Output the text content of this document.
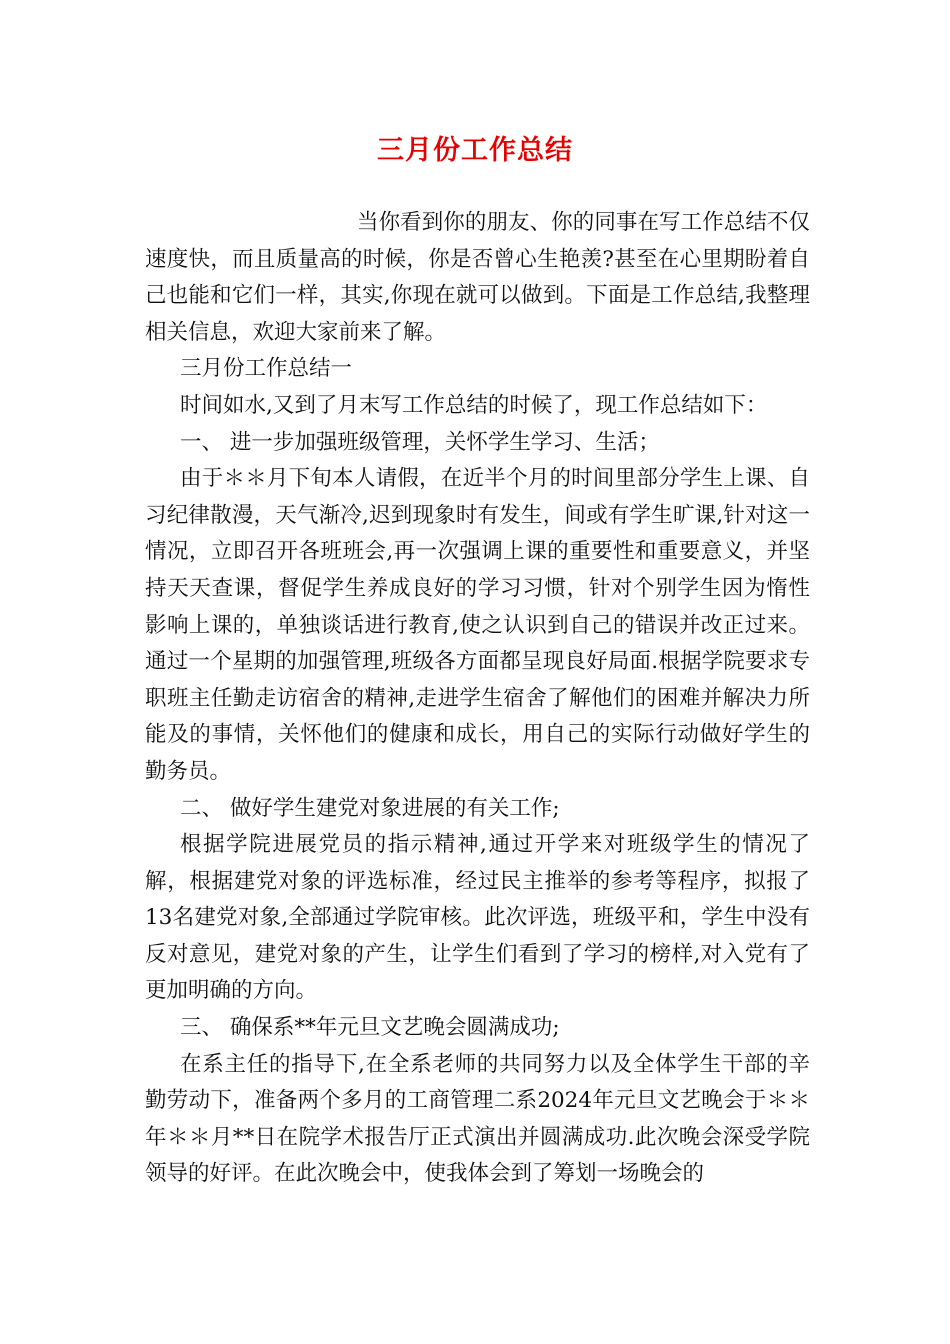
三月份工作总结

当你看到你的朋友、你的同事在写工作总结不仅速度快，而且质量高的时候，你是否曾心生艳羡?甚至在心里期盼着自己也能和它们一样，其实,你现在就可以做到。下面是工作总结,我整理相关信息，欢迎大家前来了解。

三月份工作总结一

时间如水,又到了月末写工作总结的时候了，现工作总结如下：

一、 进一步加强班级管理，关怀学生学习、生活；

由于＊＊月下旬本人请假，在近半个月的时间里部分学生上课、自习纪律散漫，天气渐冷,迟到现象时有发生，间或有学生旷课,针对这一情况，立即召开各班班会,再一次强调上课的重要性和重要意义，并坚持天天查课，督促学生养成良好的学习习惯，针对个别学生因为惰性影响上课的，单独谈话进行教育,使之认识到自己的错误并改正过来。通过一个星期的加强管理,班级各方面都呈现良好局面.根据学院要求专职班主任勤走访宿舍的精神,走进学生宿舍了解他们的困难并解决力所能及的事情，关怀他们的健康和成长，用自己的实际行动做好学生的勤务员。

二、 做好学生建党对象进展的有关工作;

根据学院进展党员的指示精神,通过开学来对班级学生的情况了解，根据建党对象的评选标准，经过民主推举的参考等程序，拟报了13名建党对象,全部通过学院审核。此次评选，班级平和，学生中没有反对意见，建党对象的产生，让学生们看到了学习的榜样,对入党有了更加明确的方向。

三、 确保系**年元旦文艺晚会圆满成功;

在系主任的指导下,在全系老师的共同努力以及全体学生干部的辛勤劳动下，准备两个多月的工商管理二系2024年元旦文艺晚会于＊＊年＊＊月**日在院学术报告厅正式演出并圆满成功.此次晚会深受学院领导的好评。在此次晚会中，使我体会到了筹划一场晚会的
